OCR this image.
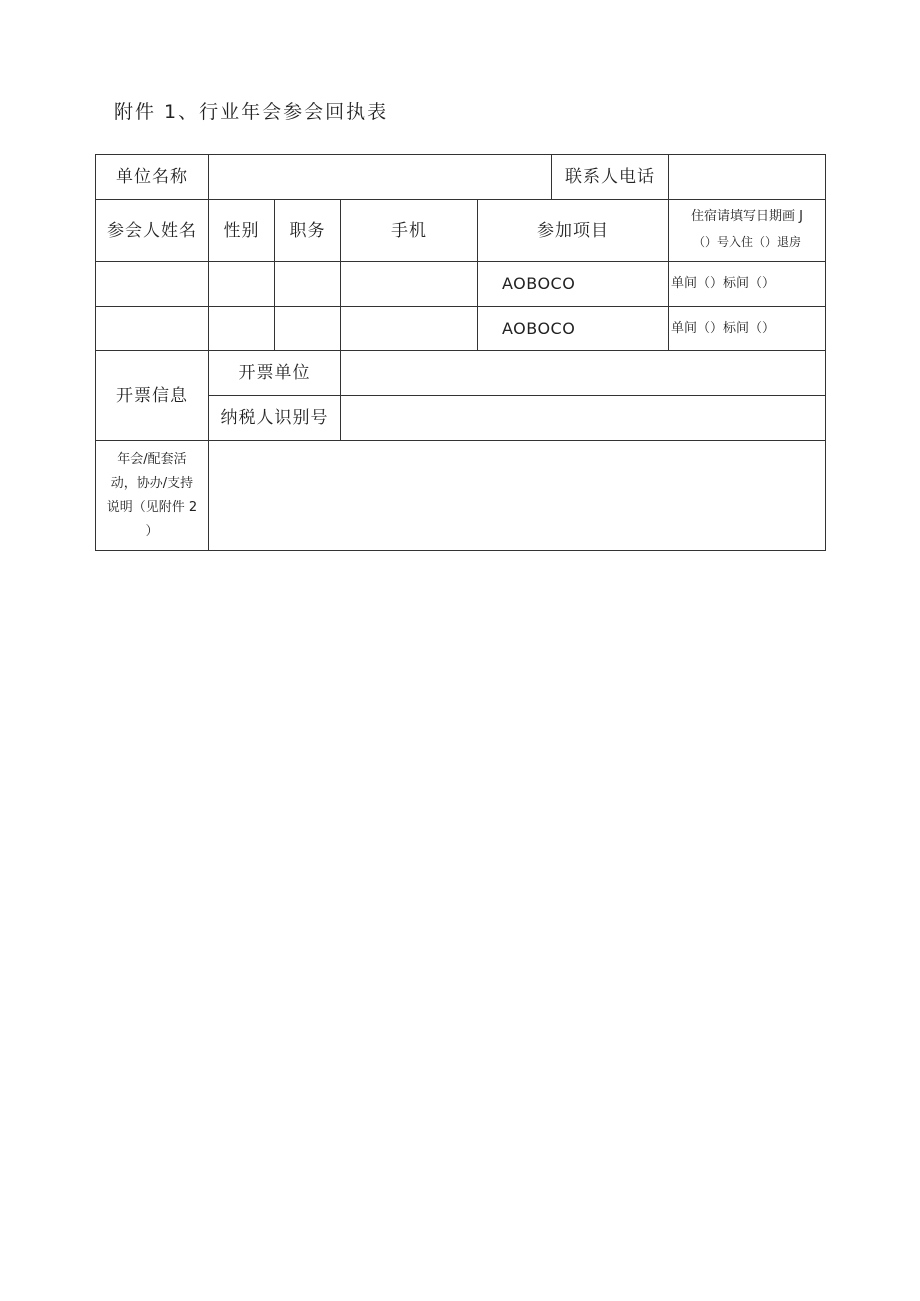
附件 1、行业年会参会回执表
单位名称					联系人电话	
参会人姓名	性别	职务	手机	参加项目		住宿请填写日期画 J
（）号入住（）退房

				AOBOCO		单间（）标间（）
				AOBOCO		单间（）标间（）
开票信息	开票单位					
	纳税人识别号					

年会/配套活
动，协办/支持
说明（见附件 2
）						
